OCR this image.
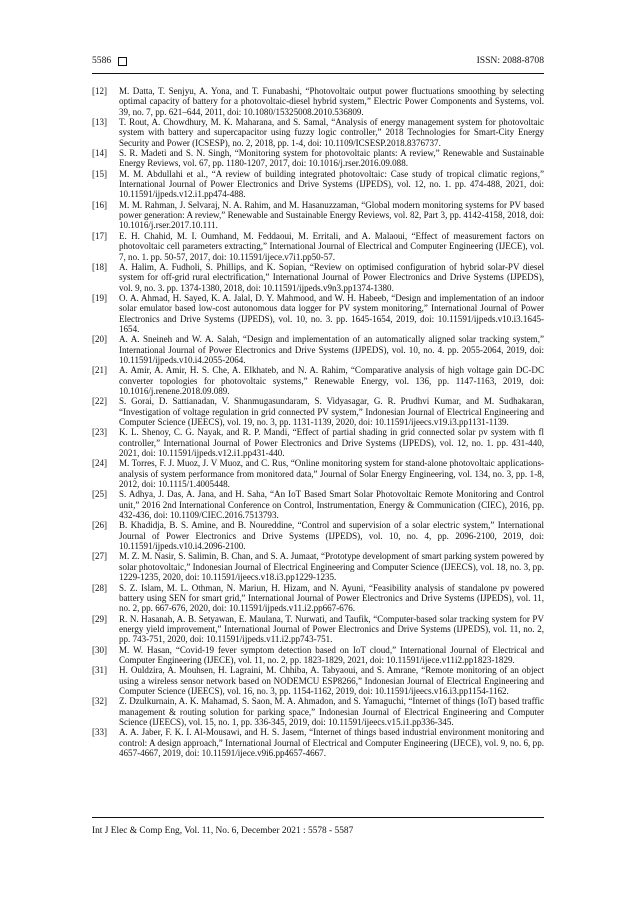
5586	ISSN: 2088-8708

[12] M. Datta, T. Senjyu, A. Yona, and T. Funabashi, “Photovoltaic output power fluctuations smoothing by selecting optimal capacity of battery for a photovoltaic-diesel hybrid system,” Electric Power Components and Systems, vol. 39, no. 7, pp. 621–644, 2011, doi: 10.1080/15325008.2010.536809.

[13] T. Rout, A. Chowdhury, M. K. Maharana, and S. Samal, “Analysis of energy management system for photovoltaic system with battery and supercapacitor using fuzzy logic controller,” 2018 Technologies for Smart-City Energy Security and Power (ICSESP), no. 2, 2018, pp. 1-4, doi: 10.1109/ICSESP.2018.8376737.

[14] S. R. Madeti and S. N. Singh, “Monitoring system for photovoltaic plants: A review,” Renewable and Sustainable Energy Reviews, vol. 67, pp. 1180-1207, 2017, doi: 10.1016/j.rser.2016.09.088.

[15] M. M. Abdullahi et al., “A review of building integrated photovoltaic: Case study of tropical climatic regions,” International Journal of Power Electronics and Drive Systems (IJPEDS), vol. 12, no. 1. pp. 474-488, 2021, doi: 10.11591/ijpeds.v12.i1.pp474-488.

[16] M. M. Rahman, J. Selvaraj, N. A. Rahim, and M. Hasanuzzaman, “Global modern monitoring systems for PV based power generation: A review,” Renewable and Sustainable Energy Reviews, vol. 82, Part 3, pp. 4142-4158, 2018, doi: 10.1016/j.rser.2017.10.111.

[17] E. H. Chahid, M. I. Oumhand, M. Feddaoui, M. Erritali, and A. Malaoui, “Effect of measurement factors on photovoltaic cell parameters extracting,” International Journal of Electrical and Computer Engineering (IJECE), vol. 7, no. 1. pp. 50-57, 2017, doi: 10.11591/ijece.v7i1.pp50-57.

[18] A. Halim, A. Fudholi, S. Phillips, and K. Sopian, “Review on optimised configuration of hybrid solar-PV diesel system for off-grid rural electrification,” International Journal of Power Electronics and Drive Systems (IJPEDS), vol. 9, no. 3. pp. 1374-1380, 2018, doi: 10.11591/ijpeds.v9n3.pp1374-1380.

[19] O. A. Ahmad, H. Sayed, K. A. Jalal, D. Y. Mahmood, and W. H. Habeeb, “Design and implementation of an indoor solar emulator based low-cost autonomous data logger for PV system monitoring,” International Journal of Power Electronics and Drive Systems (IJPEDS), vol. 10, no. 3. pp. 1645-1654, 2019, doi: 10.11591/ijpeds.v10.i3.1645-1654.

[20] A. A. Sneineh and W. A. Salah, “Design and implementation of an automatically aligned solar tracking system,” International Journal of Power Electronics and Drive Systems (IJPEDS), vol. 10, no. 4. pp. 2055-2064, 2019, doi: 10.11591/ijpeds.v10.i4.2055-2064.

[21] A. Amir, A. Amir, H. S. Che, A. Elkhateb, and N. A. Rahim, “Comparative analysis of high voltage gain DC-DC converter topologies for photovoltaic systems,” Renewable Energy, vol. 136, pp. 1147-1163, 2019, doi: 10.1016/j.renene.2018.09.089.

[22] S. Gorai, D. Sattianadan, V. Shanmugasundaram, S. Vidyasagar, G. R. Prudhvi Kumar, and M. Sudhakaran, “Investigation of voltage regulation in grid connected PV system,” Indonesian Journal of Electrical Engineering and Computer Science (IJEECS), vol. 19, no. 3, pp. 1131-1139, 2020, doi: 10.11591/ijeecs.v19.i3.pp1131-1139.

[23] K. L. Shenoy, C. G. Nayak, and R. P. Mandi, “Effect of partial shading in grid connected solar pv system with fl controller,” International Journal of Power Electronics and Drive Systems (IJPEDS), vol. 12, no. 1. pp. 431-440, 2021, doi: 10.11591/ijpeds.v12.i1.pp431-440.

[24] M. Torres, F. J. Muoz, J. V Muoz, and C. Rus, “Online monitoring system for stand-alone photovoltaic applications-analysis of system performance from monitored data,” Journal of Solar Energy Engineering, vol. 134, no. 3, pp. 1-8, 2012, doi: 10.1115/1.4005448.

[25] S. Adhya, J. Das, A. Jana, and H. Saha, “An IoT Based Smart Solar Photovoltaic Remote Monitoring and Control unit,” 2016 2nd International Conference on Control, Instrumentation, Energy & Communication (CIEC), 2016, pp. 432-436, doi: 10.1109/CIEC.2016.7513793.

[26] B. Khadidja, B. S. Amine, and B. Noureddine, “Control and supervision of a solar electric system,” International Journal of Power Electronics and Drive Systems (IJPEDS), vol. 10, no. 4, pp. 2096-2100, 2019, doi: 10.11591/ijpeds.v10.i4.2096-2100.

[27] M. Z. M. Nasir, S. Salimin, B. Chan, and S. A. Jumaat, “Prototype development of smart parking system powered by solar photovoltaic,” Indonesian Journal of Electrical Engineering and Computer Science (IJEECS), vol. 18, no. 3, pp. 1229-1235, 2020, doi: 10.11591/ijeecs.v18.i3.pp1229-1235.

[28] S. Z. Islam, M. L. Othman, N. Mariun, H. Hizam, and N. Ayuni, “Feasibility analysis of standalone pv powered battery using SEN for smart grid,” International Journal of Power Electronics and Drive Systems (IJPEDS), vol. 11, no. 2, pp. 667-676, 2020, doi: 10.11591/ijpeds.v11.i2.pp667-676.

[29] R. N. Hasanah, A. B. Setyawan, E. Maulana, T. Nurwati, and Taufik, “Computer-based solar tracking system for PV energy yield improvement,” International Journal of Power Electronics and Drive Systems (IJPEDS), vol. 11, no. 2, pp. 743-751, 2020, doi: 10.11591/ijpeds.v11.i2.pp743-751.

[30] M. W. Hasan, “Covid-19 fever symptom detection based on IoT cloud,” International Journal of Electrical and Computer Engineering (IJECE), vol. 11, no. 2, pp. 1823-1829, 2021, doi: 10.11591/ijece.v11i2.pp1823-1829.

[31] H. Ouldzira, A. Mouhsen, H. Lagraini, M. Chhiba, A. Tabyaoui, and S. Amrane, “Remote monitoring of an object using a wireless sensor network based on NODEMCU ESP8266,” Indonesian Journal of Electrical Engineering and Computer Science (IJEECS), vol. 16, no. 3, pp. 1154-1162, 2019, doi: 10.11591/ijeecs.v16.i3.pp1154-1162.

[32] Z. Dzulkurnain, A. K. Mahamad, S. Saon, M. A. Ahmadon, and S. Yamaguchi, “Internet of things (IoT) based traffic management & routing solution for parking space,” Indonesian Journal of Electrical Engineering and Computer Science (IJEECS), vol. 15, no. 1, pp. 336-345, 2019, doi: 10.11591/ijeecs.v15.i1.pp336-345.

[33] A. A. Jaber, F. K. I. Al-Mousawi, and H. S. Jasem, “Internet of things based industrial environment monitoring and control: A design approach,” International Journal of Electrical and Computer Engineering (IJECE), vol. 9, no. 6, pp. 4657-4667, 2019, doi: 10.11591/ijece.v9i6.pp4657-4667.

Int J Elec & Comp Eng, Vol. 11, No. 6, December 2021 : 5578 - 5587
